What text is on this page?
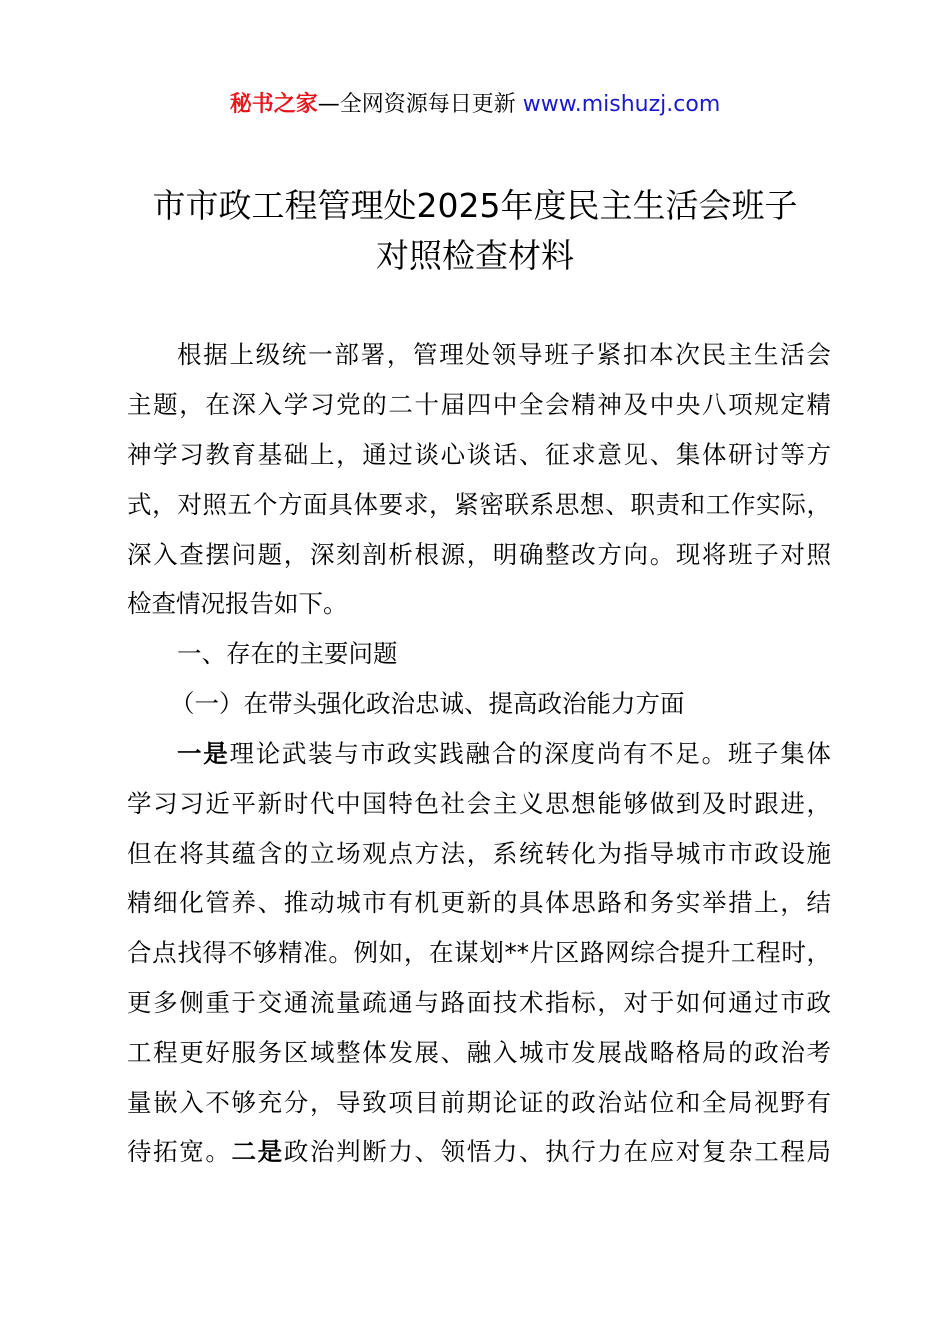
秘书之家—全网资源每日更新 www.mishuzj.com
市市政工程管理处2025年度民主生活会班子
对照检查材料
根据上级统一部署，管理处领导班子紧扣本次民主生活会
主题，在深入学习党的二十届四中全会精神及中央八项规定精
神学习教育基础上，通过谈心谈话、征求意见、集体研讨等方
式，对照五个方面具体要求，紧密联系思想、职责和工作实际，
深入查摆问题，深刻剖析根源，明确整改方向。现将班子对照
检查情况报告如下。
一、存在的主要问题
（一）在带头强化政治忠诚、提高政治能力方面
一是理论武装与市政实践融合的深度尚有不足。班子集体
学习习近平新时代中国特色社会主义思想能够做到及时跟进，
但在将其蕴含的立场观点方法，系统转化为指导城市市政设施
精细化管养、推动城市有机更新的具体思路和务实举措上，结
合点找得不够精准。例如，在谋划**片区路网综合提升工程时，
更多侧重于交通流量疏通与路面技术指标，对于如何通过市政
工程更好服务区域整体发展、融入城市发展战略格局的政治考
量嵌入不够充分，导致项目前期论证的政治站位和全局视野有
待拓宽。二是政治判断力、领悟力、执行力在应对复杂工程局
